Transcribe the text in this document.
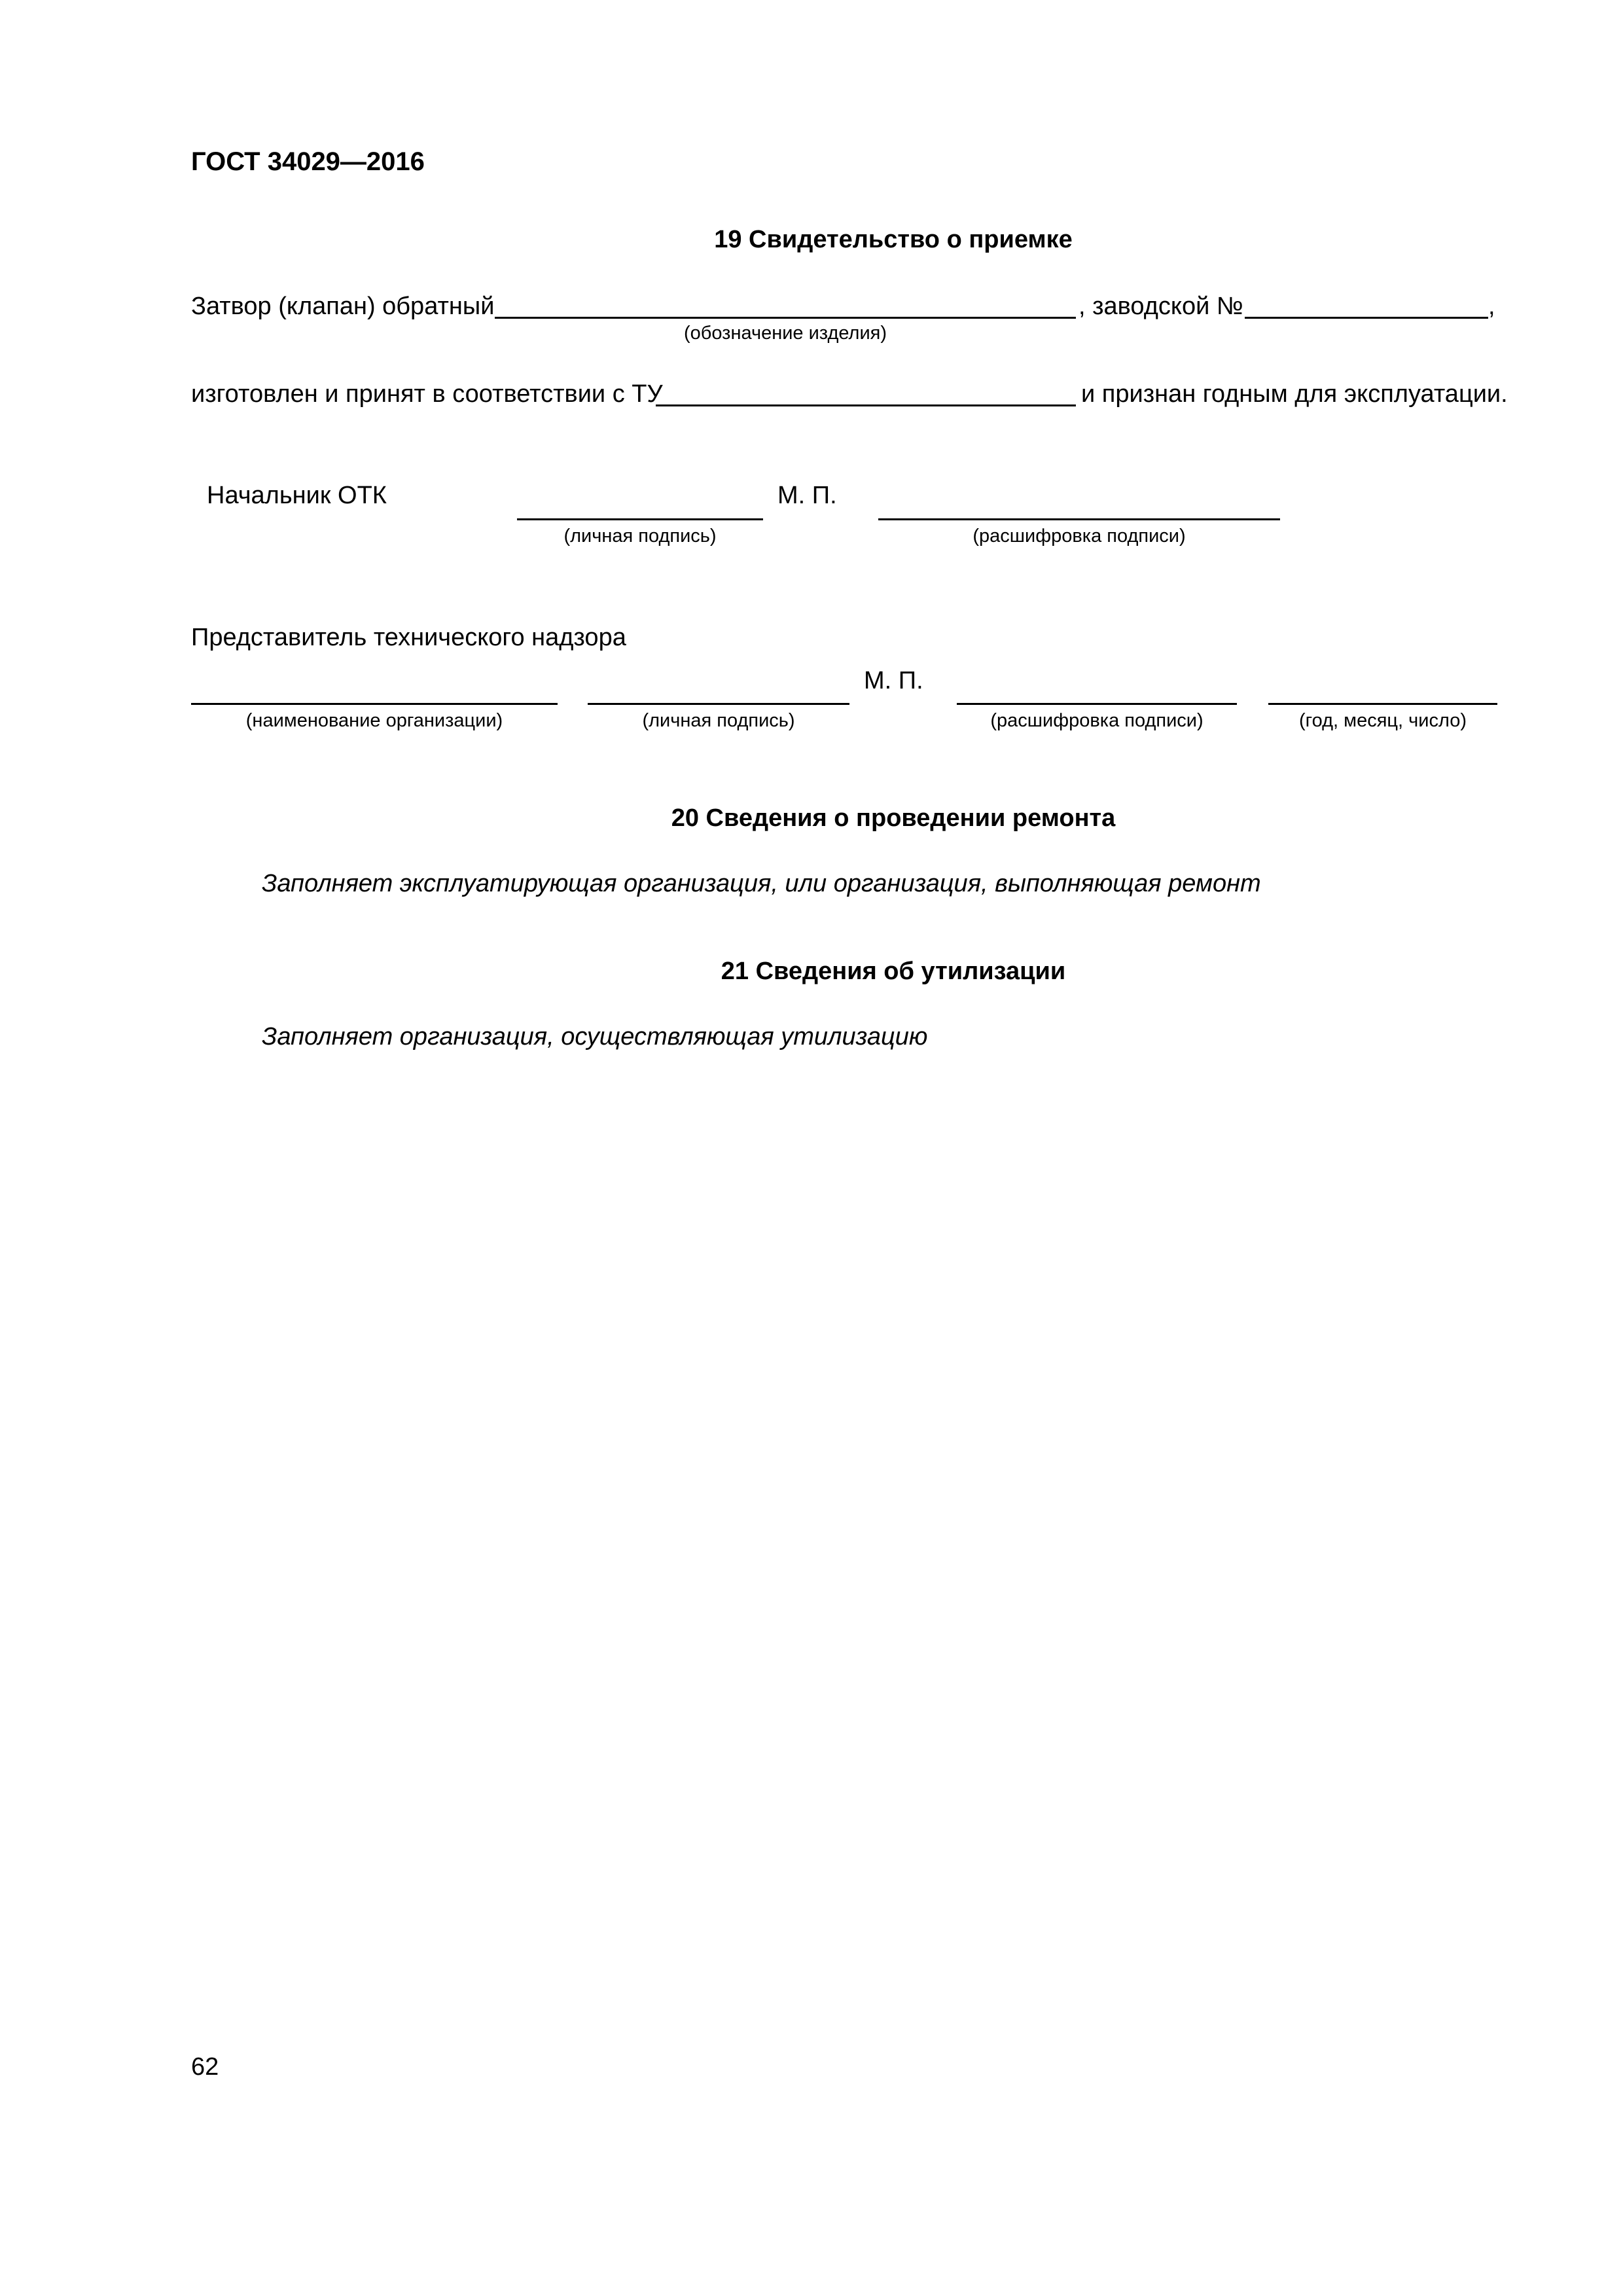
ГОСТ 34029—2016
19 Свидетельство о приемке
Затвор (клапан) обратный	, заводской №	,
(обозначение изделия)
изготовлен и принят в соответствии с ТУ	и признан годным для эксплуатации.
Начальник ОТК	М. П.
(личная подпись)	(расшифровка подписи)
Представитель технического надзора
М. П.
(наименование организации)	(личная подпись)	(расшифровка подписи)	(год, месяц, число)
20 Сведения о проведении ремонта
Заполняет эксплуатирующая организация, или организация, выполняющая ремонт
21 Сведения об утилизации
Заполняет организация, осуществляющая утилизацию
62
